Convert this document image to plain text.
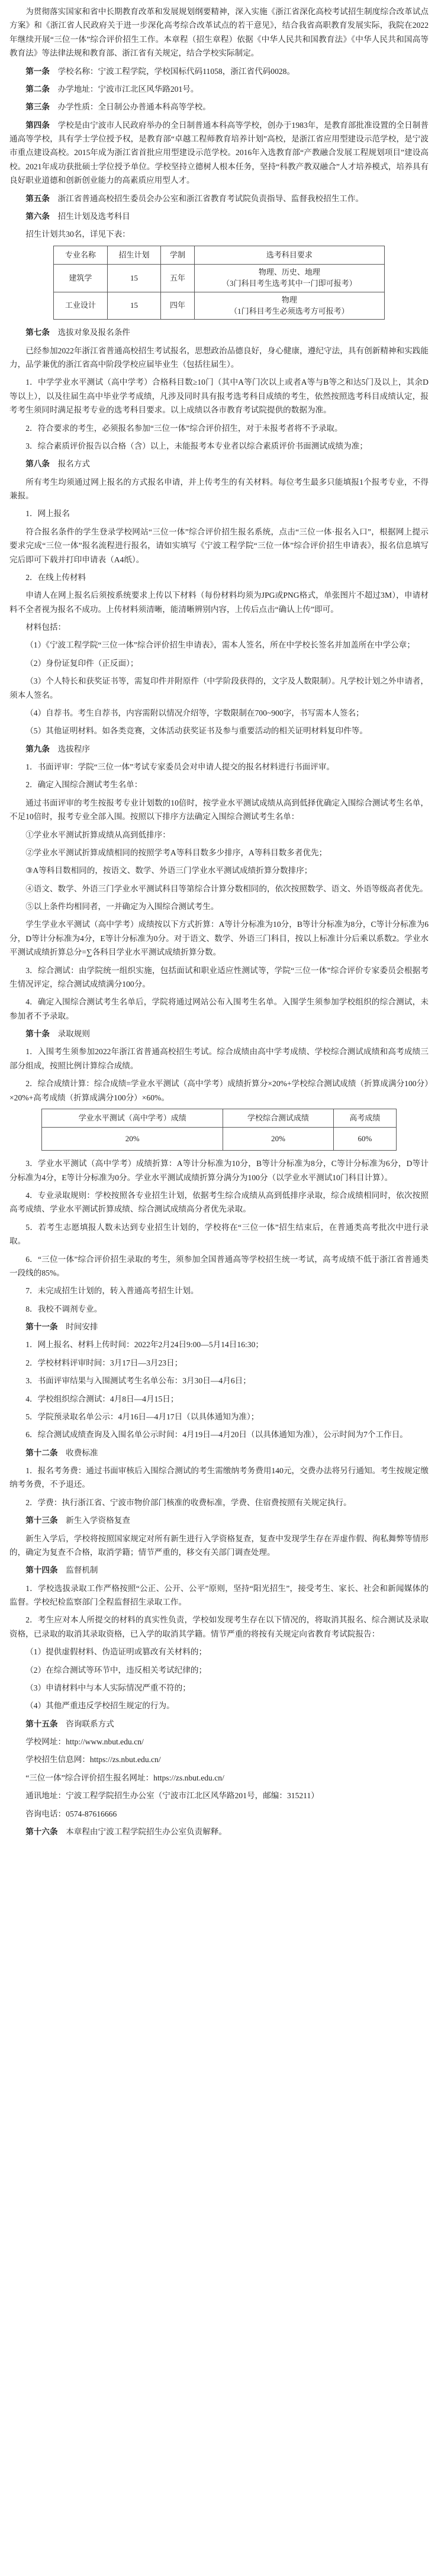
为贯彻落实国家和省中长期教育改革和发展规划纲要精神，深入实施《浙江省深化高校考试招生制度综合改革试点方案》和《浙江省人民政府关于进一步深化高考综合改革试点的若干意见》，结合我省高职教育发展实际，我院在2022年继续开展“三位一体”综合评价招生工作。本章程（招生章程）依据《中华人民共和国教育法》《中华人民共和国高等教育法》等法律法规和教育部、浙江省有关规定，结合学校实际制定。

第一条  学校名称：宁波工程学院，学校国标代码11058，浙江省代码0028。

第二条  办学地址：宁波市江北区风华路201号。

第三条  办学性质：全日制公办普通本科高等学校。

第四条  学校是由宁波市人民政府举办的全日制普通本科高等学校，创办于1983年，是教育部批准设置的全日制普通高等学校，具有学士学位授予权，是教育部“卓越工程师教育培养计划”高校，是浙江省应用型建设示范学校，是宁波市重点建设高校。2015年成为浙江省首批应用型建设示范学校。2016年入选教育部“产教融合发展工程规划项目”建设高校。2021年成功获批硕士学位授予单位。学校坚持立德树人根本任务，坚持“科教产教双融合”人才培养模式，培养具有良好职业道德和创新创业能力的高素质应用型人才。

第五条  浙江省普通高校招生委员会办公室和浙江省教育考试院负责指导、监督我校招生工作。

第六条  招生计划及选考科目

招生计划共30名，详见下表：

专业名称	招生计划	学制	选考科目要求
建筑学	15	五年	物理、历史、地理
（3门科目考生选考其中一门即可报考）

工业设计	15	四年	物理
（1门科目考生必须选考方可报考）

第七条  选拔对象及报名条件

已经参加2022年浙江省普通高校招生考试报名，思想政治品德良好，身心健康，遵纪守法，具有创新精神和实践能力，品学兼优的浙江省高中阶段学校应届毕业生（包括往届生）。

1．中学学业水平测试（高中学考）合格科目数≥10门（其中A等门次以上或者A等与B等之和达5门及以上，其余D等以上），以及往届生高中毕业学考成绩，凡涉及同时具有报考选考科目成绩的考生，依然按照选考科目成绩认定，报考考生须同时满足报考专业的选考科目要求。以上成绩以各市教育考试院提供的数据为准。

2．符合要求的考生，必须报名参加“三位一体”综合评价招生，对于未报考者将不予录取。

3．综合素质评价报告以合格（含）以上，未能报考本专业者以综合素质评价书面测试成绩为准；

第八条  报名方式

所有考生均须通过网上报名的方式报名申请，并上传考生的有关材料。每位考生最多只能填报1个报考专业，不得兼报。

1．网上报名

符合报名条件的学生登录学校网站“三位一体”综合评价招生报名系统，点击“三位一体·报名入口”，根据网上提示要求完成“三位一体”报名流程进行报名，请如实填写《宁波工程学院“三位一体”综合评价招生申请表》，报名信息填写完后即可下载并打印申请表（A4纸）。

2．在线上传材料

申请人在网上报名后须按系统要求上传以下材料（每份材料均须为JPG或PNG格式，单张图片不超过3M），申请材料不全者视为报名不成功。上传材料须清晰，能清晰辨别内容，上传后点击“确认上传”即可。

材料包括：

（1）《宁波工程学院“三位一体”综合评价招生申请表》，需本人签名，所在中学校长签名并加盖所在中学公章；

（2）身份证复印件（正反面）；

（3）个人特长和获奖证书等，需复印件并附原件（中学阶段获得的，文字及人数限制）。凡学校计划之外申请者，须本人签名。

（4）自荐书。考生自荐书，内容需附以情况介绍等，字数限制在700~900字，书写需本人签名；

（5）其他证明材料。如各类竞赛，文体活动获奖证书及参与重要活动的相关证明材料复印件等。

第九条  选拔程序

1．书面评审：学院“三位一体”考试专家委员会对申请人提交的报名材料进行书面评审。

2．确定入围综合测试考生名单：

通过书面评审的考生按报考专业计划数的10倍时，按学业水平测试成绩从高到低择优确定入围综合测试考生名单，不足10倍时，报考专业全部入围。按照以下排序方法确定入围综合测试考生名单：

①学业水平测试折算成绩从高到低排序：

②学业水平测试折算成绩相同的按照学考A等科目数多少排序，A等科目数多者优先；

③A等科目数相同的，按语文、数学、外语三门学业水平测试成绩折算分数排序；

④语文、数学、外语三门学业水平测试科目等第综合计算分数相同的，依次按照数学、语文、外语等级高者优先。

⑤以上条件均相同者，一并确定为入围综合测试考生。

学生学业水平测试（高中学考）成绩按以下方式折算：A等计分标准为10分，B等计分标准为8分，C等计分标准为6分，D等计分标准为4分，E等计分标准为0分。对于语文、数学、外语三门科目，按以上标准计分后乘以系数2。学业水平测试成绩折算总分=∑各科目学业水平测试成绩折算分数。

3．综合测试：由学院统一组织实施，包括面试和职业适应性测试等，学院“三位一体”综合评价专家委员会根据考生情况评定，综合测试成绩满分100分。

4．确定入围综合测试考生名单后，学院将通过网站公布入围考生名单。入围学生须参加学校组织的综合测试，未参加者不予录取。

第十条  录取规则

1．入围考生须参加2022年浙江省普通高校招生考试。综合成绩由高中学考成绩、学校综合测试成绩和高考成绩三部分组成，按照比例计算综合成绩。

2．综合成绩计算：综合成绩=学业水平测试（高中学考）成绩折算分×20%+学校综合测试成绩（折算成满分100分）×20%+高考成绩（折算成满分100分）×60%。

学业水平测试（高中学考）成绩	学校综合测试成绩	高考成绩
20%	20%	60%

3．学业水平测试（高中学考）成绩折算：A等计分标准为10分，B等计分标准为8分，C等计分标准为6分，D等计分标准为4分，E等计分标准为0分。学业水平测试成绩折算分满分为100分（以学业水平测试10门科目计算）。

4．专业录取规则：学校按照各专业招生计划，依据考生综合成绩从高到低排序录取，综合成绩相同时，依次按照高考成绩、学业水平测试折算成绩、综合测试成绩高分者优先录取。

5．若考生志愿填报人数未达到专业招生计划的，学校将在“三位一体”招生结束后，在普通类高考批次中进行录取。

6．“三位一体”综合评价招生录取的考生，须参加全国普通高等学校招生统一考试，高考成绩不低于浙江省普通类一段线的85%。

7．未完成招生计划的，转入普通高考招生计划。

8．我校不调剂专业。

第十一条  时间安排

1．网上报名、材料上传时间：2022年2月24日9:00—5月14日16:30；

2．学校材料评审时间：3月17日—3月23日；

3．书面评审结果与入围测试考生名单公布：3月30日—4月6日；

4．学校组织综合测试：4月8日—4月15日；

5．学院预录取名单公示：4月16日—4月17日（以具体通知为准）；

6．综合测试成绩查询及入围名单公示时间：4月19日—4月20日（以具体通知为准），公示时间为7个工作日。

第十二条  收费标准

1．报名考务费：通过书面审核后入围综合测试的考生需缴纳考务费用140元，交费办法将另行通知。考生按规定缴纳考务费，不予退还。

2．学费：执行浙江省、宁波市物价部门核准的收费标准，学费、住宿费按照有关规定执行。

第十三条  新生入学资格复查

新生入学后，学校将按照国家规定对所有新生进行入学资格复查，复查中发现学生存在弄虚作假、徇私舞弊等情形的，确定为复查不合格，取消学籍；情节严重的，移交有关部门调查处理。

第十四条  监督机制

1．学校选拔录取工作严格按照“公正、公开、公平”原则，坚持“阳光招生”，接受考生、家长、社会和新闻媒体的监督。学校纪检监察部门全程监督招生录取工作。

2．考生应对本人所提交的材料的真实性负责，学校如发现考生存在以下情况的，将取消其报名、综合测试及录取资格，已录取的取消其录取资格，已入学的取消其学籍。情节严重的将按有关规定向省教育考试院报告：

（1）提供虚假材料、伪造证明或篡改有关材料的；

（2）在综合测试等环节中，违反相关考试纪律的；

（3）申请材料中与本人实际情况严重不符的；

（4）其他严重违反学校招生规定的行为。

第十五条  咨询联系方式

学校网址：http://www.nbut.edu.cn/

学校招生信息网：https://zs.nbut.edu.cn/

“三位一体”综合评价招生报名网址：https://zs.nbut.edu.cn/

通讯地址：宁波工程学院招生办公室（宁波市江北区风华路201号，邮编：315211）

咨询电话：0574-87616666

第十六条  本章程由宁波工程学院招生办公室负责解释。
